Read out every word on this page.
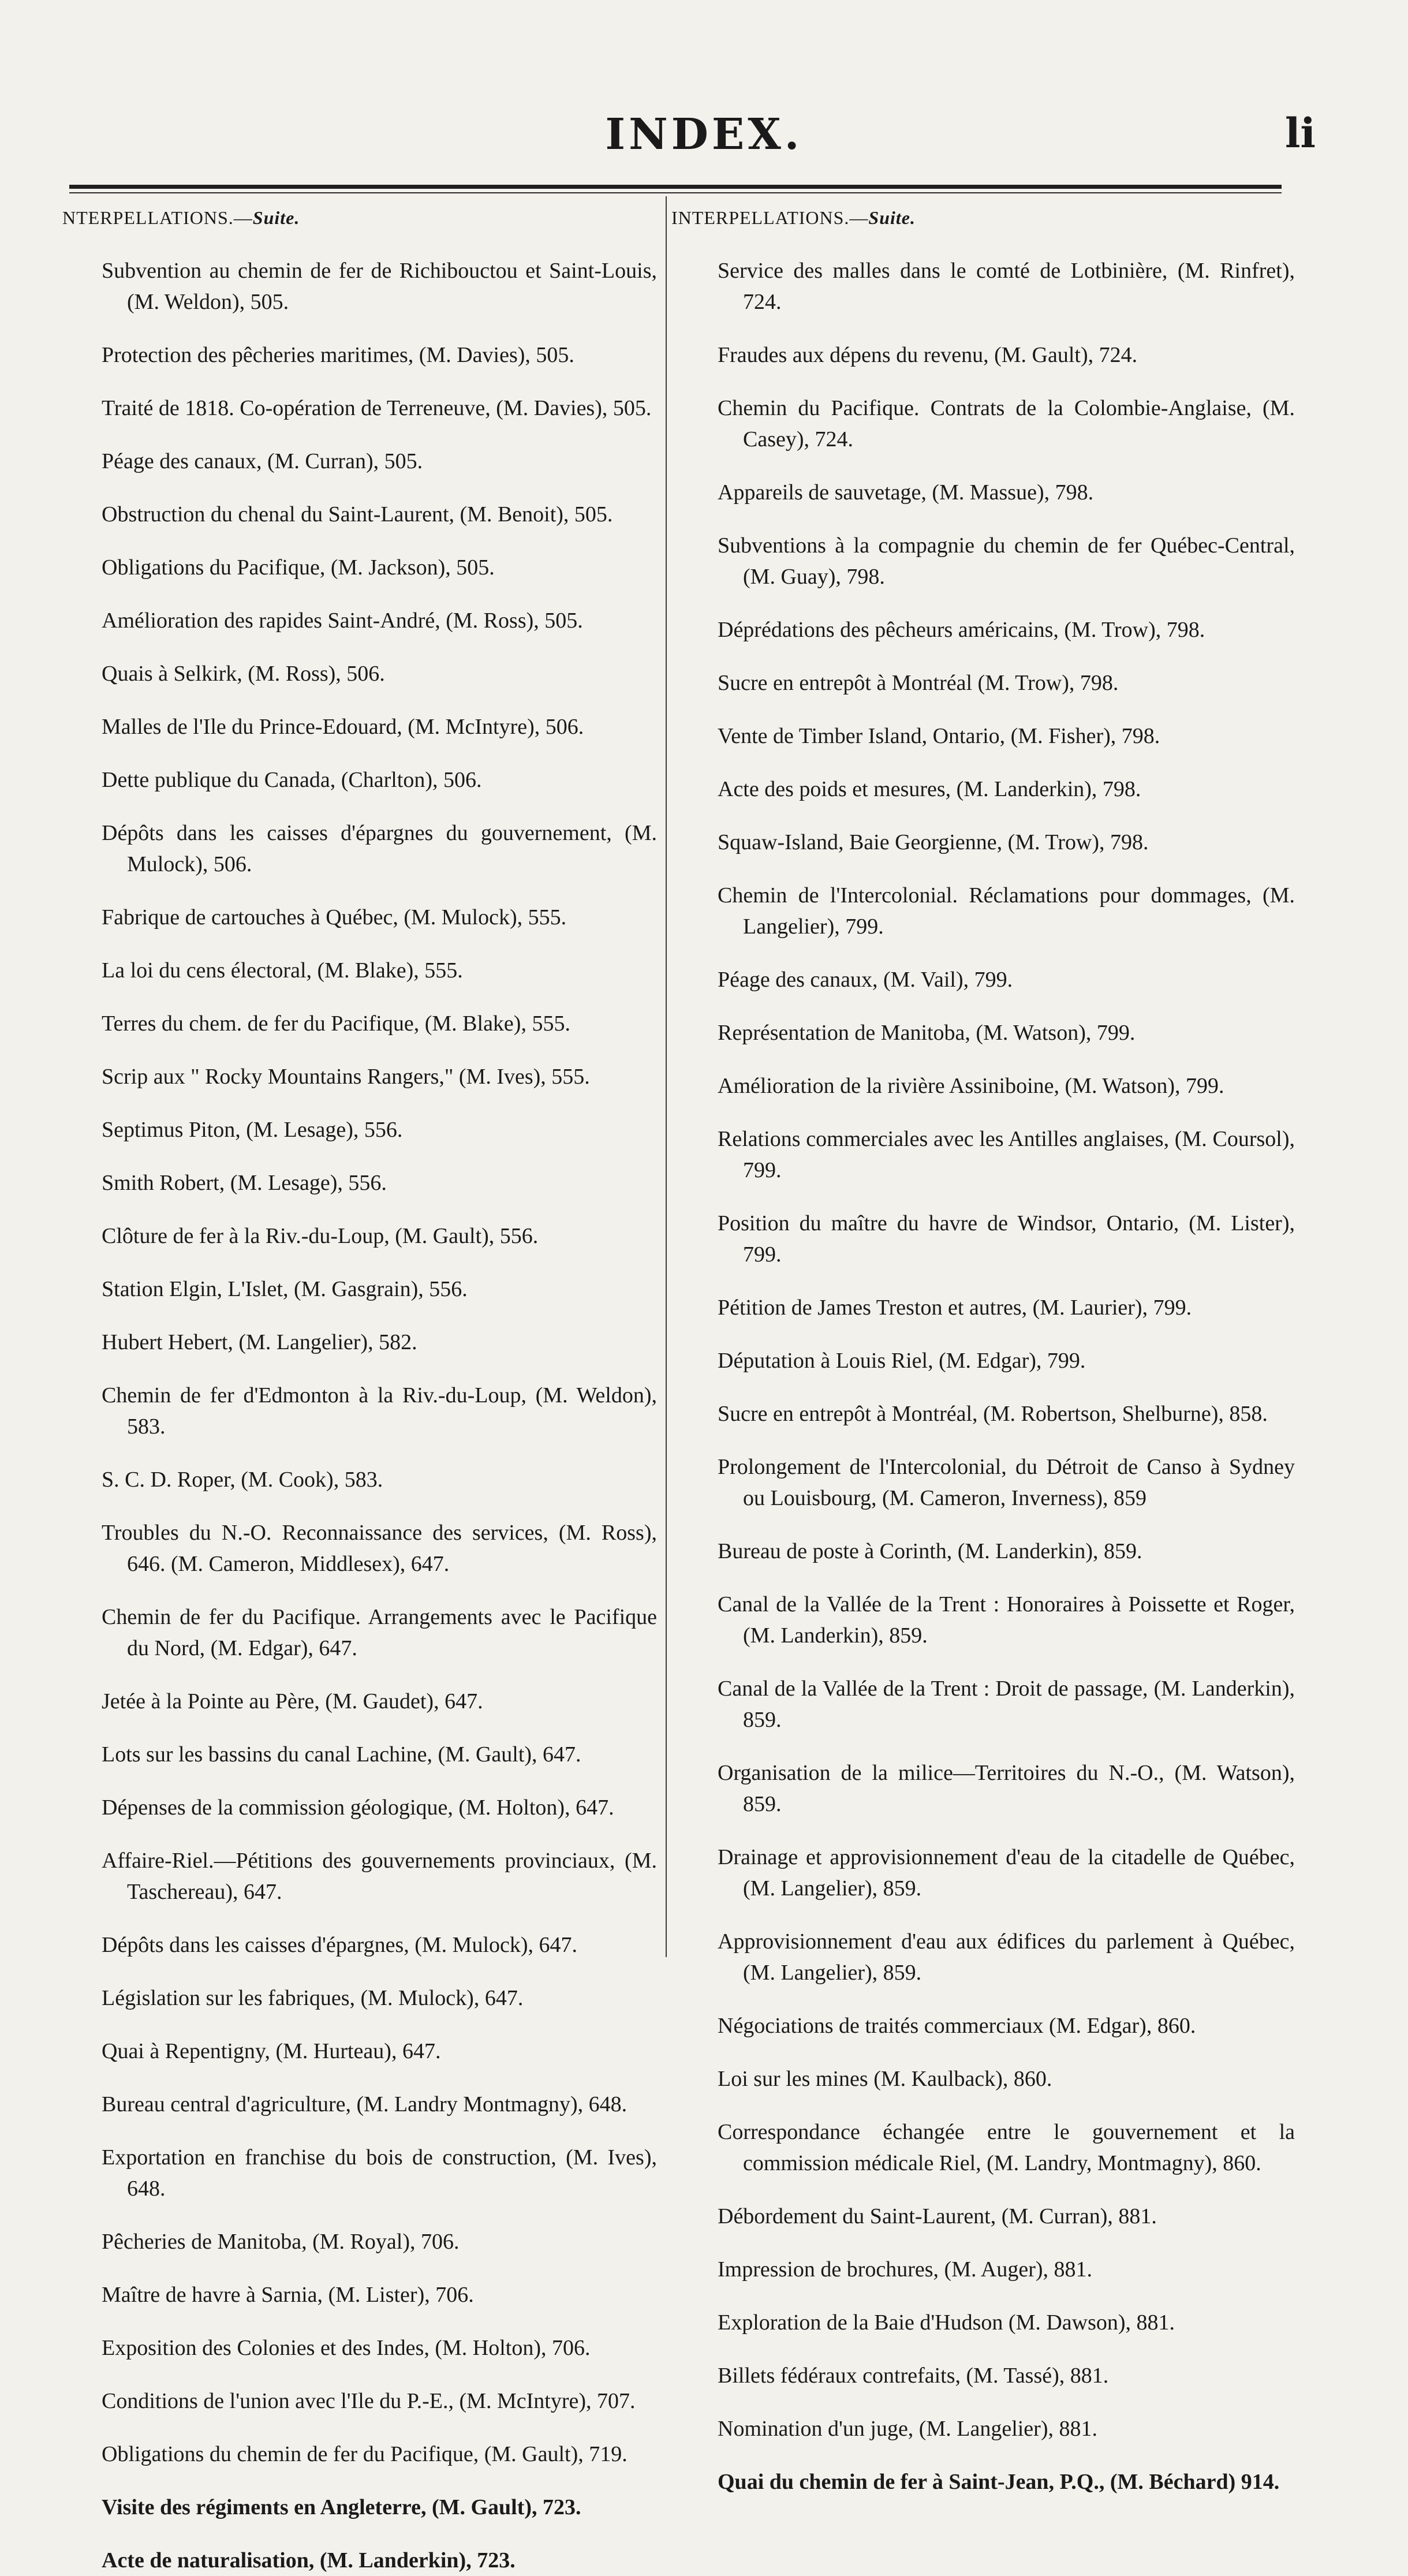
INDEX.	li
NTERPELLATIONS.—Suite.

Subvention au chemin de fer de Richibouctou et Saint-Louis, (M. Weldon), 505.

Protection des pêcheries maritimes, (M. Davies), 505.

Traité de 1818. Co-opération de Terreneuve, (M. Davies), 505.

Péage des canaux, (M. Curran), 505.

Obstruction du chenal du Saint-Laurent, (M. Benoit), 505.

Obligations du Pacifique, (M. Jackson), 505.

Amélioration des rapides Saint-André, (M. Ross), 505.

Quais à Selkirk, (M. Ross), 506.

Malles de l'Ile du Prince-Edouard, (M. McIntyre), 506.

Dette publique du Canada, (Charlton), 506.

Dépôts dans les caisses d'épargnes du gouvernement, (M. Mulock), 506.

Fabrique de cartouches à Québec, (M. Mulock), 555.

La loi du cens électoral, (M. Blake), 555.

Terres du chem. de fer du Pacifique, (M. Blake), 555.

Scrip aux " Rocky Mountains Rangers," (M. Ives), 555.

Septimus Piton, (M. Lesage), 556.

Smith Robert, (M. Lesage), 556.

Clôture de fer à la Riv.-du-Loup, (M. Gault), 556.

Station Elgin, L'Islet, (M. Gasgrain), 556.

Hubert Hebert, (M. Langelier), 582.

Chemin de fer d'Edmonton à la Riv.-du-Loup, (M. Weldon), 583.

S. C. D. Roper, (M. Cook), 583.

Troubles du N.-O. Reconnaissance des services, (M. Ross), 646. (M. Cameron, Middlesex), 647.

Chemin de fer du Pacifique. Arrangements avec le Pacifique du Nord, (M. Edgar), 647.

Jetée à la Pointe au Père, (M. Gaudet), 647.

Lots sur les bassins du canal Lachine, (M. Gault), 647.

Dépenses de la commission géologique, (M. Holton), 647.

Affaire-Riel.—Pétitions des gouvernements provinciaux, (M. Taschereau), 647.

Dépôts dans les caisses d'épargnes, (M. Mulock), 647.

Législation sur les fabriques, (M. Mulock), 647.

Quai à Repentigny, (M. Hurteau), 647.

Bureau central d'agriculture, (M. Landry Montmagny), 648.

Exportation en franchise du bois de construction, (M. Ives), 648.

Pêcheries de Manitoba, (M. Royal), 706.

Maître de havre à Sarnia, (M. Lister), 706.

Exposition des Colonies et des Indes, (M. Holton), 706.

Conditions de l'union avec l'Ile du P.-E., (M. McIntyre), 707.

Obligations du chemin de fer du Pacifique, (M. Gault), 719.

Visite des régiments en Angleterre, (M. Gault), 723.

Acte de naturalisation, (M. Landerkin), 723.

INTERPELLATIONS.—Suite.

Service des malles dans le comté de Lotbinière, (M. Rinfret), 724.

Fraudes aux dépens du revenu, (M. Gault), 724.

Chemin du Pacifique. Contrats de la Colombie-Anglaise, (M. Casey), 724.

Appareils de sauvetage, (M. Massue), 798.

Subventions à la compagnie du chemin de fer Québec-Central, (M. Guay), 798.

Déprédations des pêcheurs américains, (M. Trow), 798.

Sucre en entrepôt à Montréal (M. Trow), 798.

Vente de Timber Island, Ontario, (M. Fisher), 798.

Acte des poids et mesures, (M. Landerkin), 798.

Squaw-Island, Baie Georgienne, (M. Trow), 798.

Chemin de l'Intercolonial. Réclamations pour dommages, (M. Langelier), 799.

Péage des canaux, (M. Vail), 799.

Représentation de Manitoba, (M. Watson), 799.

Amélioration de la rivière Assiniboine, (M. Watson), 799.

Relations commerciales avec les Antilles anglaises, (M. Coursol), 799.

Position du maître du havre de Windsor, Ontario, (M. Lister), 799.

Pétition de James Treston et autres, (M. Laurier), 799.

Députation à Louis Riel, (M. Edgar), 799.

Sucre en entrepôt à Montréal, (M. Robertson, Shelburne), 858.

Prolongement de l'Intercolonial, du Détroit de Canso à Sydney ou Louisbourg, (M. Cameron, Inverness), 859

Bureau de poste à Corinth, (M. Landerkin), 859.

Canal de la Vallée de la Trent : Honoraires à Poissette et Roger, (M. Landerkin), 859.

Canal de la Vallée de la Trent : Droit de passage, (M. Landerkin), 859.

Organisation de la milice—Territoires du N.-O., (M. Watson), 859.

Drainage et approvisionnement d'eau de la citadelle de Québec, (M. Langelier), 859.

Approvisionnement d'eau aux édifices du parlement à Québec, (M. Langelier), 859.

Négociations de traités commerciaux (M. Edgar), 860.

Loi sur les mines (M. Kaulback), 860.

Correspondance échangée entre le gouvernement et la commission médicale Riel, (M. Landry, Montmagny), 860.

Débordement du Saint-Laurent, (M. Curran), 881.

Impression de brochures, (M. Auger), 881.

Exploration de la Baie d'Hudson (M. Dawson), 881.

Billets fédéraux contrefaits, (M. Tassé), 881.

Nomination d'un juge, (M. Langelier), 881.

Quai du chemin de fer à Saint-Jean, P.Q., (M. Béchard) 914.
